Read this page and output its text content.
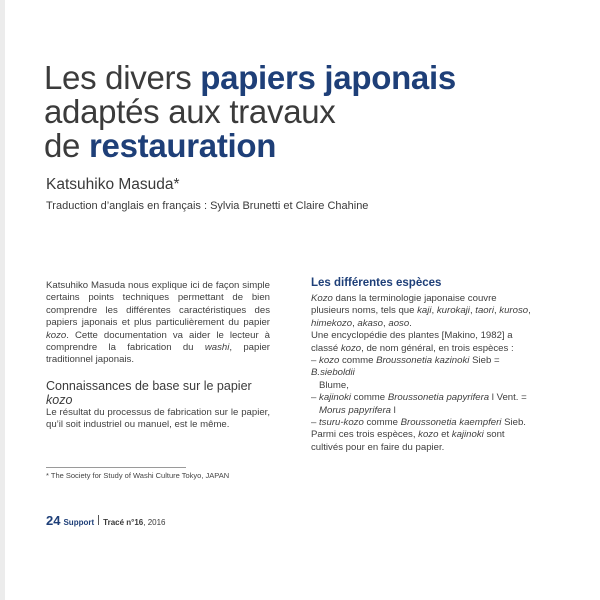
Les divers papiers japonais
adaptés aux travaux
de restauration
Katsuhiko Masuda*
Traduction d’anglais en français : Sylvia Brunetti et Claire Chahine

Katsuhiko Masuda nous explique ici de façon simple certains points techniques permettant de bien comprendre les différentes caractéristiques des papiers japonais et plus particulièrement du papier kozo. Cette documentation va aider le lecteur à comprendre la fabrication du washi, papier traditionnel japonais.

Connaissances de base sur le papier
kozo

Le résultat du processus de fabrication sur le papier, qu’il soit industriel ou manuel, est le même.

Les différentes espèces

Kozo dans la terminologie japonaise couvre plusieurs noms, tels que kaji, kurokaji, taori, kuroso, himekozo, akaso, aoso.

Une encyclopédie des plantes [Makino, 1982] a classé kozo, de nom général, en trois espèces :

– kozo comme Broussonetia kazinoki Sieb = B.sieboldii

Blume,

– kajinoki comme Broussonetia papyrifera l Vent. =

Morus papyrifera l

– tsuru-kozo comme Broussonetia kaempferi Sieb.

Parmi ces trois espèces, kozo et kajinoki sont cultivés pour en faire du papier.

* The Society for Study of Washi Culture Tokyo, JAPAN
24 Support Tracé n°16 , 2016
